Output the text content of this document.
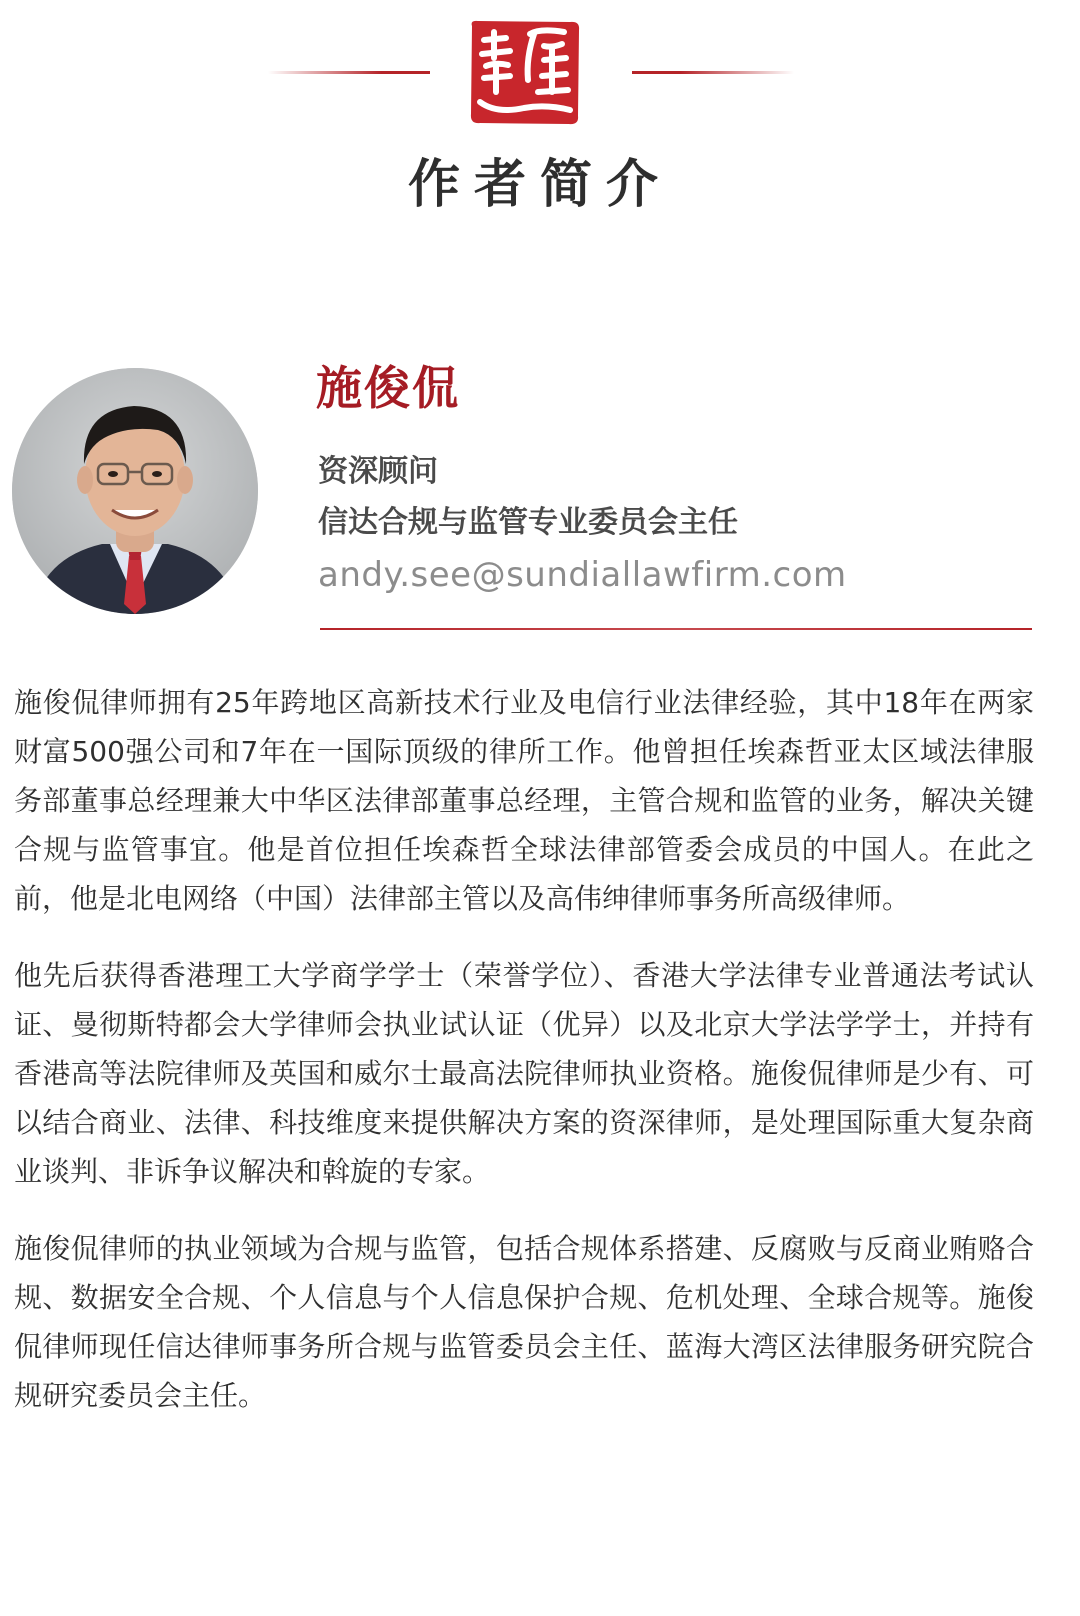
作者简介
施俊侃
资深顾问
信达合规与监管专业委员会主任
andy.see@sundiallawfirm.com

施俊侃律师拥有25年跨地区高新技术行业及电信行业法律经验，其中18年在两家财富500强公司和7年在一国际顶级的律所工作。他曾担任埃森哲亚太区域法律服务部董事总经理兼大中华区法律部董事总经理，主管合规和监管的业务，解决关键合规与监管事宜。他是首位担任埃森哲全球法律部管委会成员的中国人。在此之前，他是北电网络（中国）法律部主管以及高伟绅律师事务所高级律师。

他先后获得香港理工大学商学学士（荣誉学位）、香港大学法律专业普通法考试认证、曼彻斯特都会大学律师会执业试认证（优异）以及北京大学法学学士，并持有香港高等法院律师及英国和威尔士最高法院律师执业资格。施俊侃律师是少有、可以结合商业、法律、科技维度来提供解决方案的资深律师，是处理国际重大复杂商业谈判、非诉争议解决和斡旋的专家。

施俊侃律师的执业领域为合规与监管，包括合规体系搭建、反腐败与反商业贿赂合规、数据安全合规、个人信息与个人信息保护合规、危机处理、全球合规等。施俊侃律师现任信达律师事务所合规与监管委员会主任、蓝海大湾区法律服务研究院合规研究委员会主任。
